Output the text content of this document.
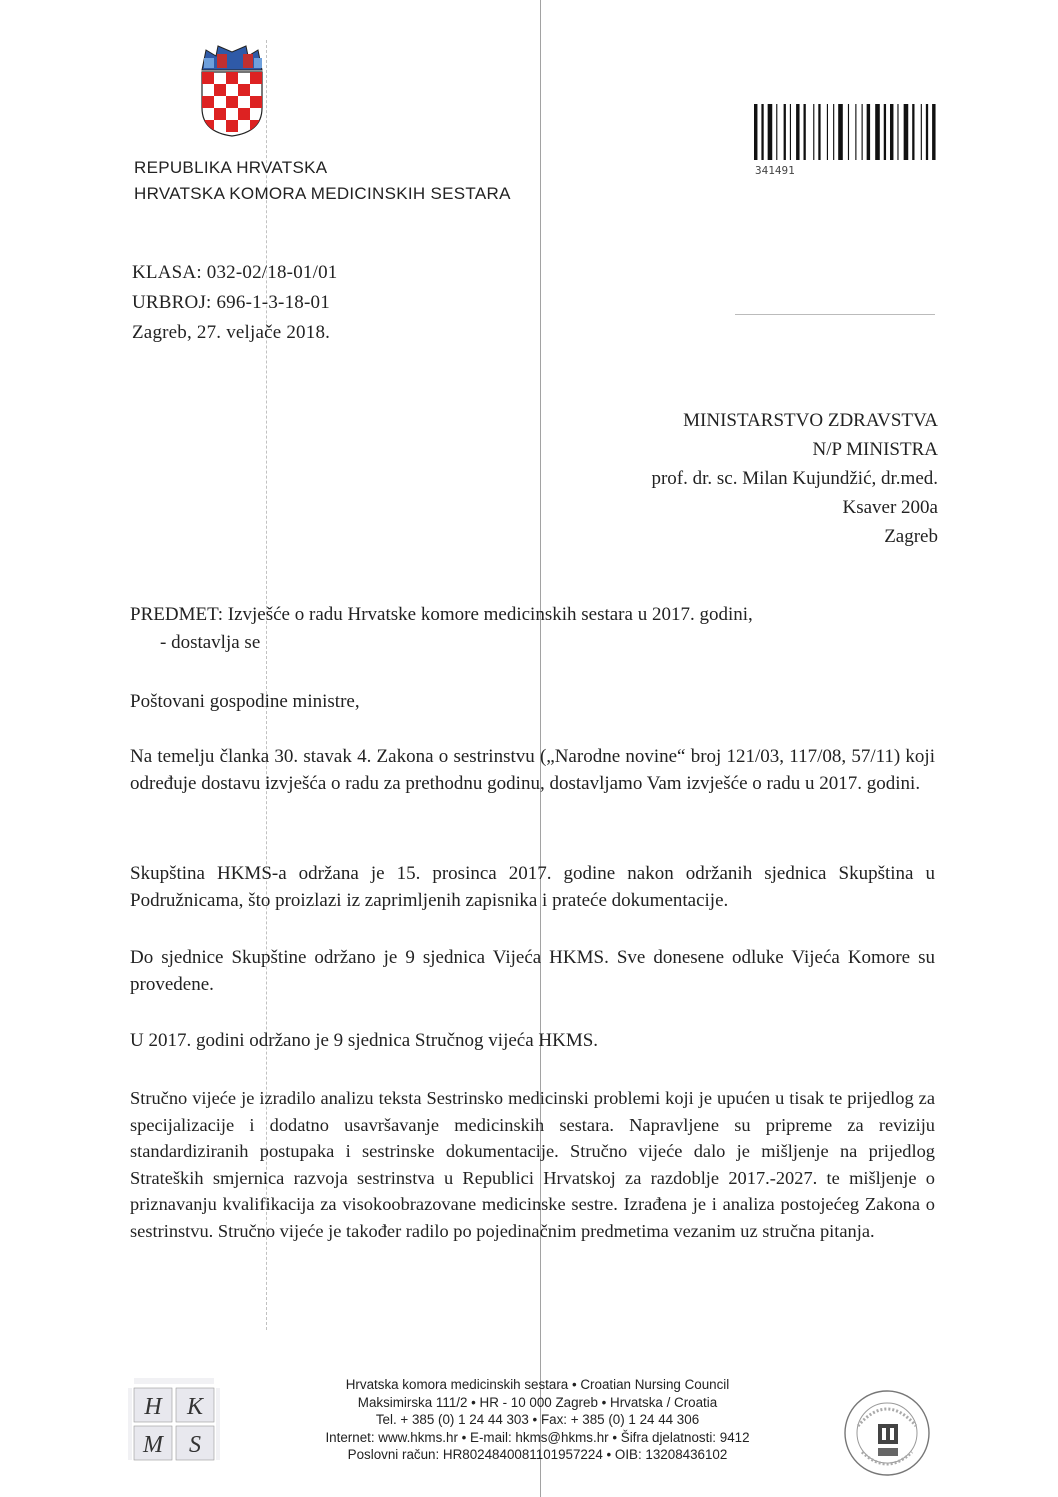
REPUBLIKA HRVATSKA
HRVATSKA KOMORA MEDICINSKIH SESTARA
341491
KLASA: 032-02/18-01/01
URBROJ: 696-1-3-18-01
Zagreb, 27. veljače 2018.
MINISTARSTVO ZDRAVSTVA
N/P MINISTRA
prof. dr. sc. Milan Kujundžić, dr.med.
Ksaver 200a
Zagreb
PREDMET: Izvješće o radu Hrvatske komore medicinskih sestara u 2017. godini,
- dostavlja se
Poštovani gospodine ministre,
Na temelju članka 30. stavak 4. Zakona o sestrinstvu („Narodne novine“ broj 121/03, 117/08, 57/11) koji određuje dostavu izvješća o radu za prethodnu godinu, dostavljamo Vam izvješće o radu u 2017. godini.
Skupština HKMS-a održana je 15. prosinca 2017. godine nakon održanih sjednica Skupština u Podružnicama, što proizlazi iz zaprimljenih zapisnika i prateće dokumentacije.
Do sjednice Skupštine održano je 9 sjednica Vijeća HKMS. Sve donesene odluke Vijeća Komore su provedene.
U 2017. godini održano je 9 sjednica Stručnog vijeća HKMS.
Stručno vijeće je izradilo analizu teksta Sestrinsko medicinski problemi koji je upućen u tisak te prijedlog za specijalizacije i dodatno usavršavanje medicinskih sestara. Napravljene su pripreme za reviziju standardiziranih postupaka i sestrinske dokumentacije. Stručno vijeće dalo je mišljenje na prijedlog Strateških smjernica razvoja sestrinstva u Republici Hrvatskoj za razdoblje 2017.-2027. te mišljenje o priznavanju kvalifikacija za visokoobrazovane medicinske sestre. Izrađena je i analiza postojećeg Zakona o sestrinstvu. Stručno vijeće je također radilo po pojedinačnim predmetima vezanim uz stručna pitanja.
H K
M S
Hrvatska komora medicinskih sestara • Croatian Nursing Council
Maksimirska 111/2 • HR - 10 000 Zagreb • Hrvatska / Croatia
Tel. + 385 (0) 1 24 44 303 • Fax: + 385 (0) 1 24 44 306
Internet: www.hkms.hr • E-mail: hkms@hkms.hr • Šifra djelatnosti: 9412
Poslovni račun: HR8024840081101957224 • OIB: 13208436102
